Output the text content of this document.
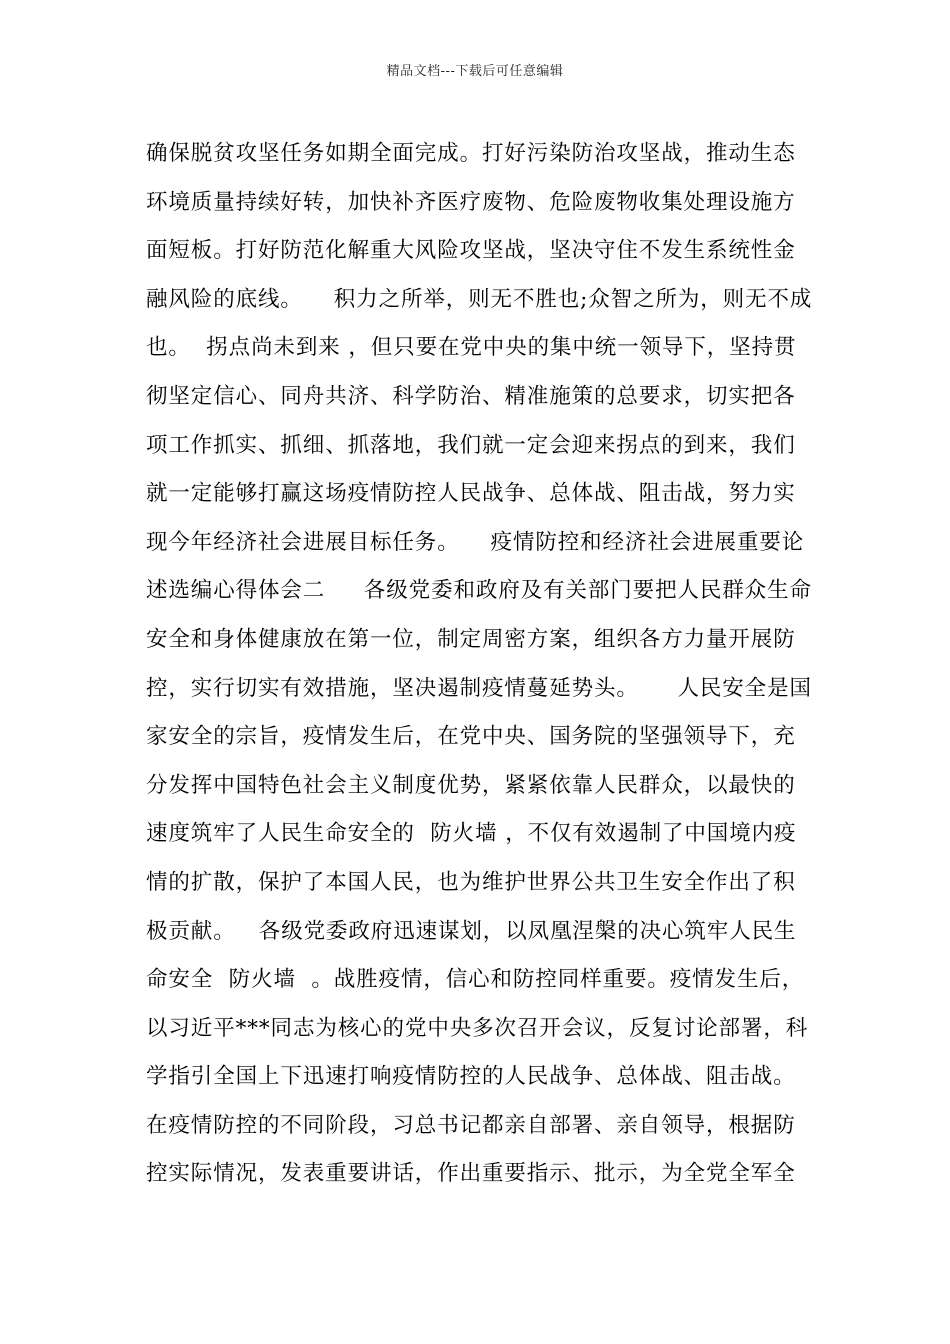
精品文档---下载后可任意编辑
确保脱贫攻坚任务如期全面完成。打好污染防治攻坚战，推动生态
环境质量持续好转，加快补齐医疗废物、危险废物收集处理设施方
面短板。打好防范化解重大风险攻坚战，坚决守住不发生系统性金
融风险的底线。    积力之所举，则无不胜也;众智之所为，则无不成
也。  拐点尚未到来 ，但只要在党中央的集中统一领导下，坚持贯
彻坚定信心、同舟共济、科学防治、精准施策的总要求，切实把各
项工作抓实、抓细、抓落地，我们就一定会迎来拐点的到来，我们
就一定能够打赢这场疫情防控人民战争、总体战、阻击战，努力实
现今年经济社会进展目标任务。    疫情防控和经济社会进展重要论
述选编心得体会二     各级党委和政府及有关部门要把人民群众生命
安全和身体健康放在第一位，制定周密方案，组织各方力量开展防
控，实行切实有效措施，坚决遏制疫情蔓延势头。     人民安全是国
家安全的宗旨，疫情发生后，在党中央、国务院的坚强领导下，充
分发挥中国特色社会主义制度优势，紧紧依靠人民群众，以最快的
速度筑牢了人民生命安全的  防火墙 ，不仅有效遏制了中国境内疫
情的扩散，保护了本国人民，也为维护世界公共卫生安全作出了积
极贡献。   各级党委政府迅速谋划，以凤凰涅槃的决心筑牢人民生
命安全  防火墙  。战胜疫情，信心和防控同样重要。疫情发生后，
以习近平***同志为核心的党中央多次召开会议，反复讨论部署，科
学指引全国上下迅速打响疫情防控的人民战争、总体战、阻击战。
在疫情防控的不同阶段，习总书记都亲自部署、亲自领导，根据防
控实际情况，发表重要讲话，作出重要指示、批示，为全党全军全
